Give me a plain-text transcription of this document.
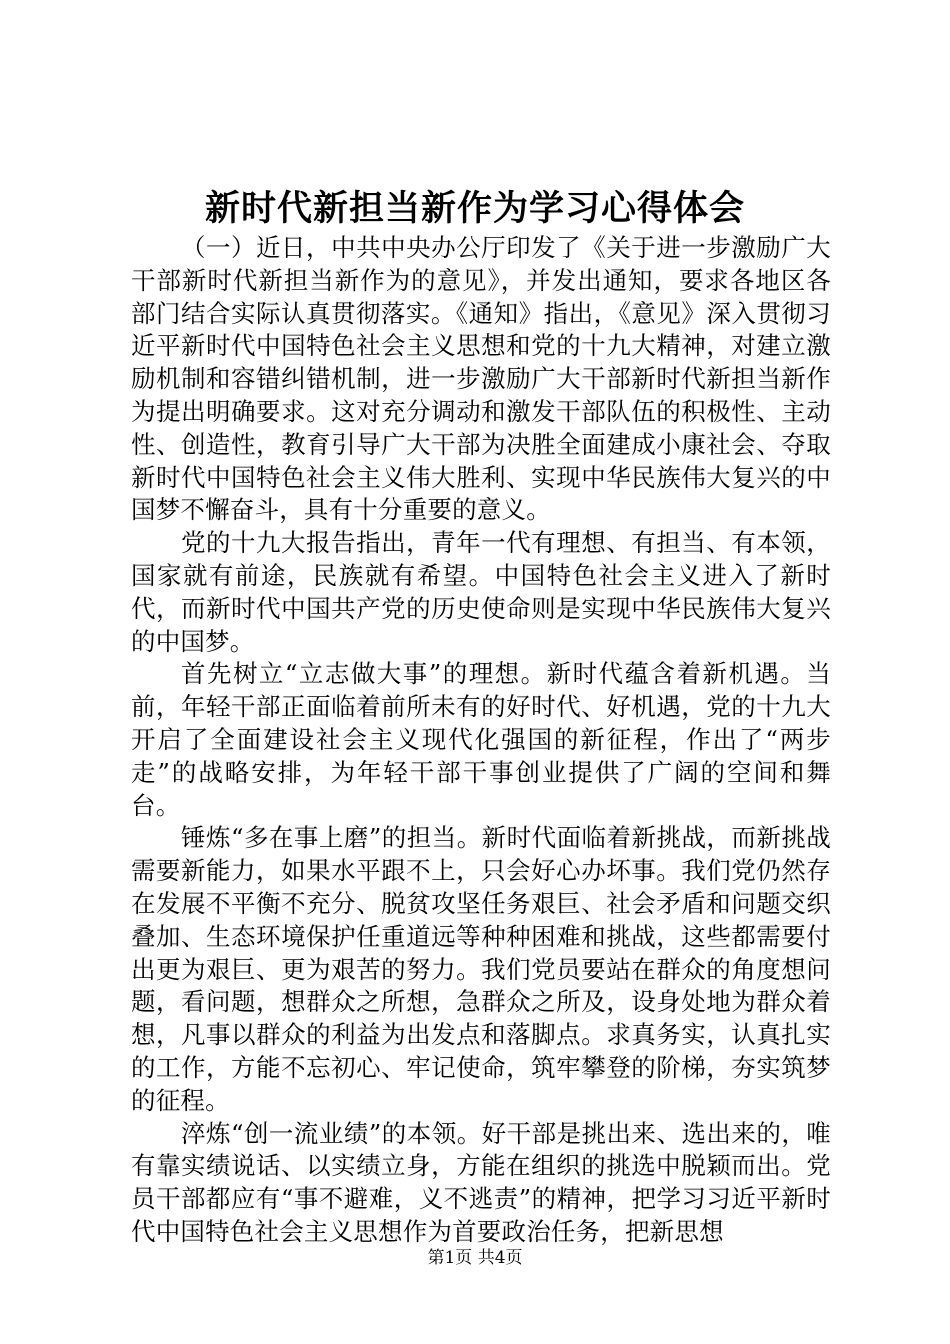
新时代新担当新作为学习心得体会

（一）近日，中共中央办公厅印发了《关于进一步激励广大干部新时代新担当新作为的意见》，并发出通知，要求各地区各部门结合实际认真贯彻落实。《通知》指出，《意见》深入贯彻习近平新时代中国特色社会主义思想和党的十九大精神，对建立激励机制和容错纠错机制，进一步激励广大干部新时代新担当新作为提出明确要求。这对充分调动和激发干部队伍的积极性、主动性、创造性，教育引导广大干部为决胜全面建成小康社会、夺取新时代中国特色社会主义伟大胜利、实现中华民族伟大复兴的中国梦不懈奋斗，具有十分重要的意义。

党的十九大报告指出，青年一代有理想、有担当、有本领，国家就有前途，民族就有希望。中国特色社会主义进入了新时代，而新时代中国共产党的历史使命则是实现中华民族伟大复兴的中国梦。

首先树立“立志做大事”的理想。新时代蕴含着新机遇。当前，年轻干部正面临着前所未有的好时代、好机遇，党的十九大开启了全面建设社会主义现代化强国的新征程，作出了“两步走”的战略安排，为年轻干部干事创业提供了广阔的空间和舞台。

锤炼“多在事上磨”的担当。新时代面临着新挑战，而新挑战需要新能力，如果水平跟不上，只会好心办坏事。我们党仍然存在发展不平衡不充分、脱贫攻坚任务艰巨、社会矛盾和问题交织叠加、生态环境保护任重道远等种种困难和挑战，这些都需要付出更为艰巨、更为艰苦的努力。我们党员要站在群众的角度想问题，看问题，想群众之所想，急群众之所及，设身处地为群众着想，凡事以群众的利益为出发点和落脚点。求真务实，认真扎实的工作，方能不忘初心、牢记使命，筑牢攀登的阶梯，夯实筑梦的征程。

淬炼“创一流业绩”的本领。好干部是挑出来、选出来的，唯有靠实绩说话、以实绩立身，方能在组织的挑选中脱颖而出。党员干部都应有“事不避难，义不逃责”的精神，把学习习近平新时代中国特色社会主义思想作为首要政治任务，把新思想

第1页 共4页
